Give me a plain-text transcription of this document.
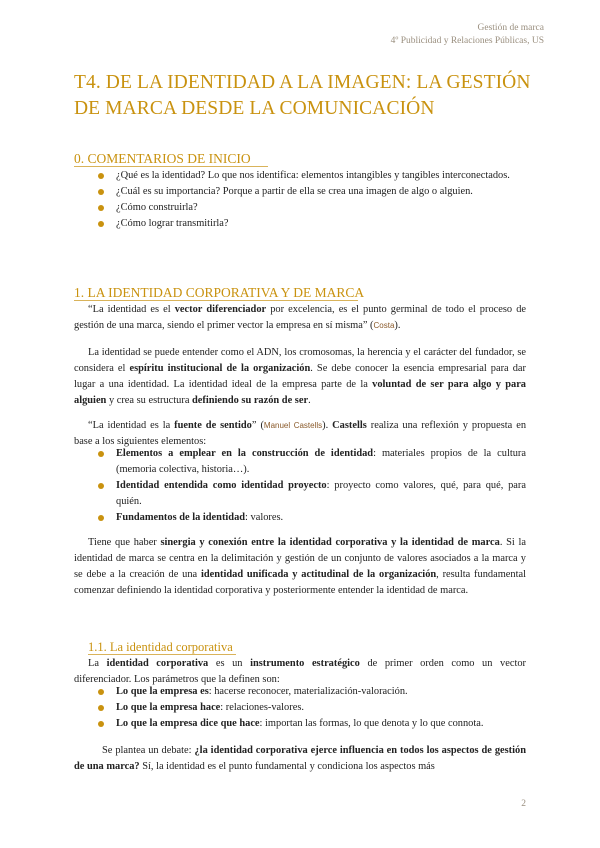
Gestión de marca
4º Publicidad y Relaciones Públicas, US
T4. DE LA IDENTIDAD A LA IMAGEN: LA GESTIÓN DE MARCA DESDE LA COMUNICACIÓN
0. COMENTARIOS DE INICIO
¿Qué es la identidad? Lo que nos identifica: elementos intangibles y tangibles interconectados.
¿Cuál es su importancia? Porque a partir de ella se crea una imagen de algo o alguien.
¿Cómo construirla?
¿Cómo lograr transmitirla?
1. LA IDENTIDAD CORPORATIVA Y DE MARCA

“La identidad es el vector diferenciador por excelencia, es el punto germinal de todo el proceso de gestión de una marca, siendo el primer vector la empresa en sí misma” (Costa).

La identidad se puede entender como el ADN, los cromosomas, la herencia y el carácter del fundador, se considera el espíritu institucional de la organización. Se debe conocer la esencia empresarial para dar lugar a una identidad. La identidad ideal de la empresa parte de la voluntad de ser para algo y para alguien y crea su estructura definiendo su razón de ser.

“La identidad es la fuente de sentido” (Manuel Castells). Castells realiza una reflexión y propuesta en base a los siguientes elementos:

Elementos a emplear en la construcción de identidad: materiales propios de la cultura (memoria colectiva, historia…).
Identidad entendida como identidad proyecto: proyecto como valores, qué, para qué, para quién.
Fundamentos de la identidad: valores.

Tiene que haber sinergia y conexión entre la identidad corporativa y la identidad de marca. Si la identidad de marca se centra en la delimitación y gestión de un conjunto de valores asociados a la marca y se debe a la creación de una identidad unificada y actitudinal de la organización, resulta fundamental comenzar definiendo la identidad corporativa y posteriormente entender la identidad de marca.

1.1. La identidad corporativa

La identidad corporativa es un instrumento estratégico de primer orden como un vector diferenciador. Los parámetros que la definen son:

Lo que la empresa es: hacerse reconocer, materialización-valoración.
Lo que la empresa hace: relaciones-valores.
Lo que la empresa dice que hace: importan las formas, lo que denota y lo que connota.

Se plantea un debate: ¿la identidad corporativa ejerce influencia en todos los aspectos de gestión de una marca? Sí, la identidad es el punto fundamental y condiciona los aspectos más

2
